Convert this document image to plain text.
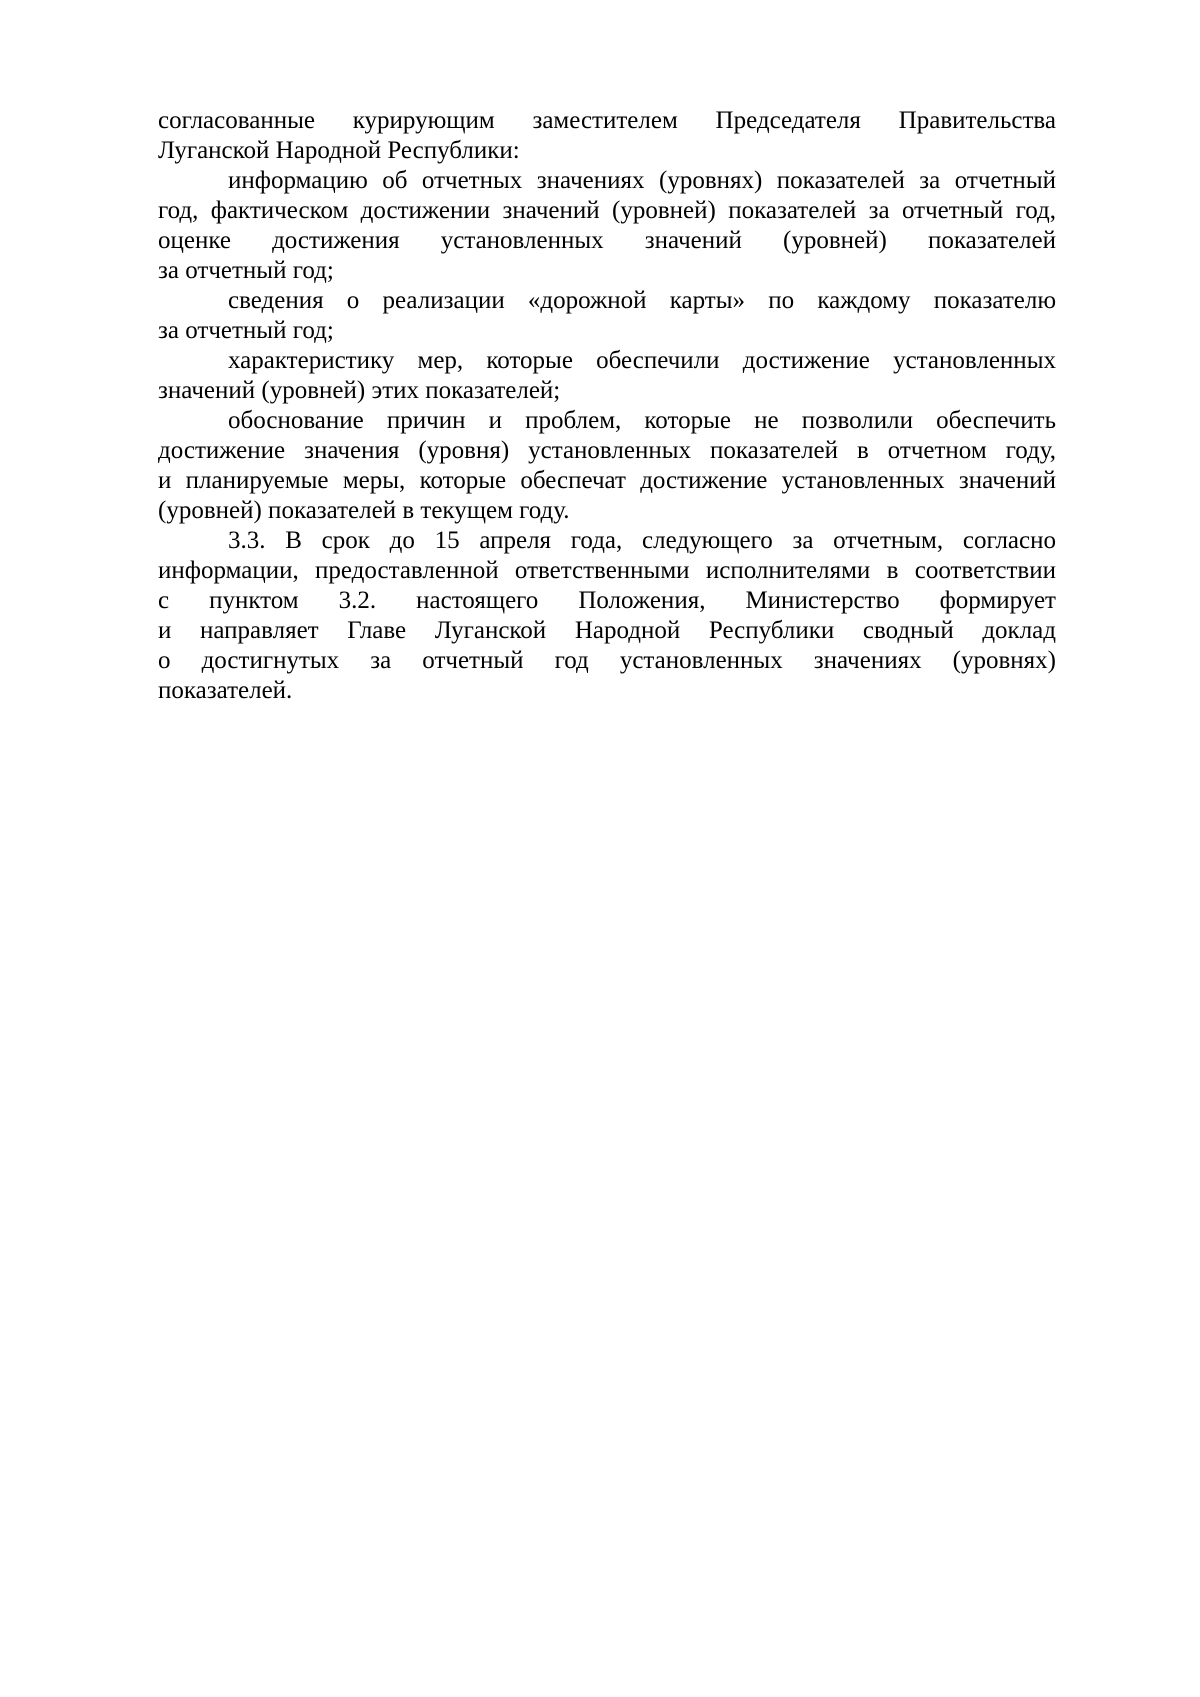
согласованные курирующим заместителем Председателя Правительства
Луганской Народной Республики:
информацию об отчетных значениях (уровнях) показателей за отчетный
год, фактическом достижении значений (уровней) показателей за отчетный год,
оценке достижения установленных значений (уровней) показателей
за отчетный год;
сведения о реализации «дорожной карты» по каждому показателю
за отчетный год;
характеристику мер, которые обеспечили достижение установленных
значений (уровней) этих показателей;
обоснование причин и проблем, которые не позволили обеспечить
достижение значения (уровня) установленных показателей в отчетном году,
и планируемые меры, которые обеспечат достижение установленных значений
(уровней) показателей в текущем году.
3.3. В срок до 15 апреля года, следующего за отчетным, согласно
информации, предоставленной ответственными исполнителями в соответствии
с пунктом 3.2. настоящего Положения, Министерство формирует
и направляет Главе Луганской Народной Республики сводный доклад
о достигнутых за отчетный год установленных значениях (уровнях)
показателей.
